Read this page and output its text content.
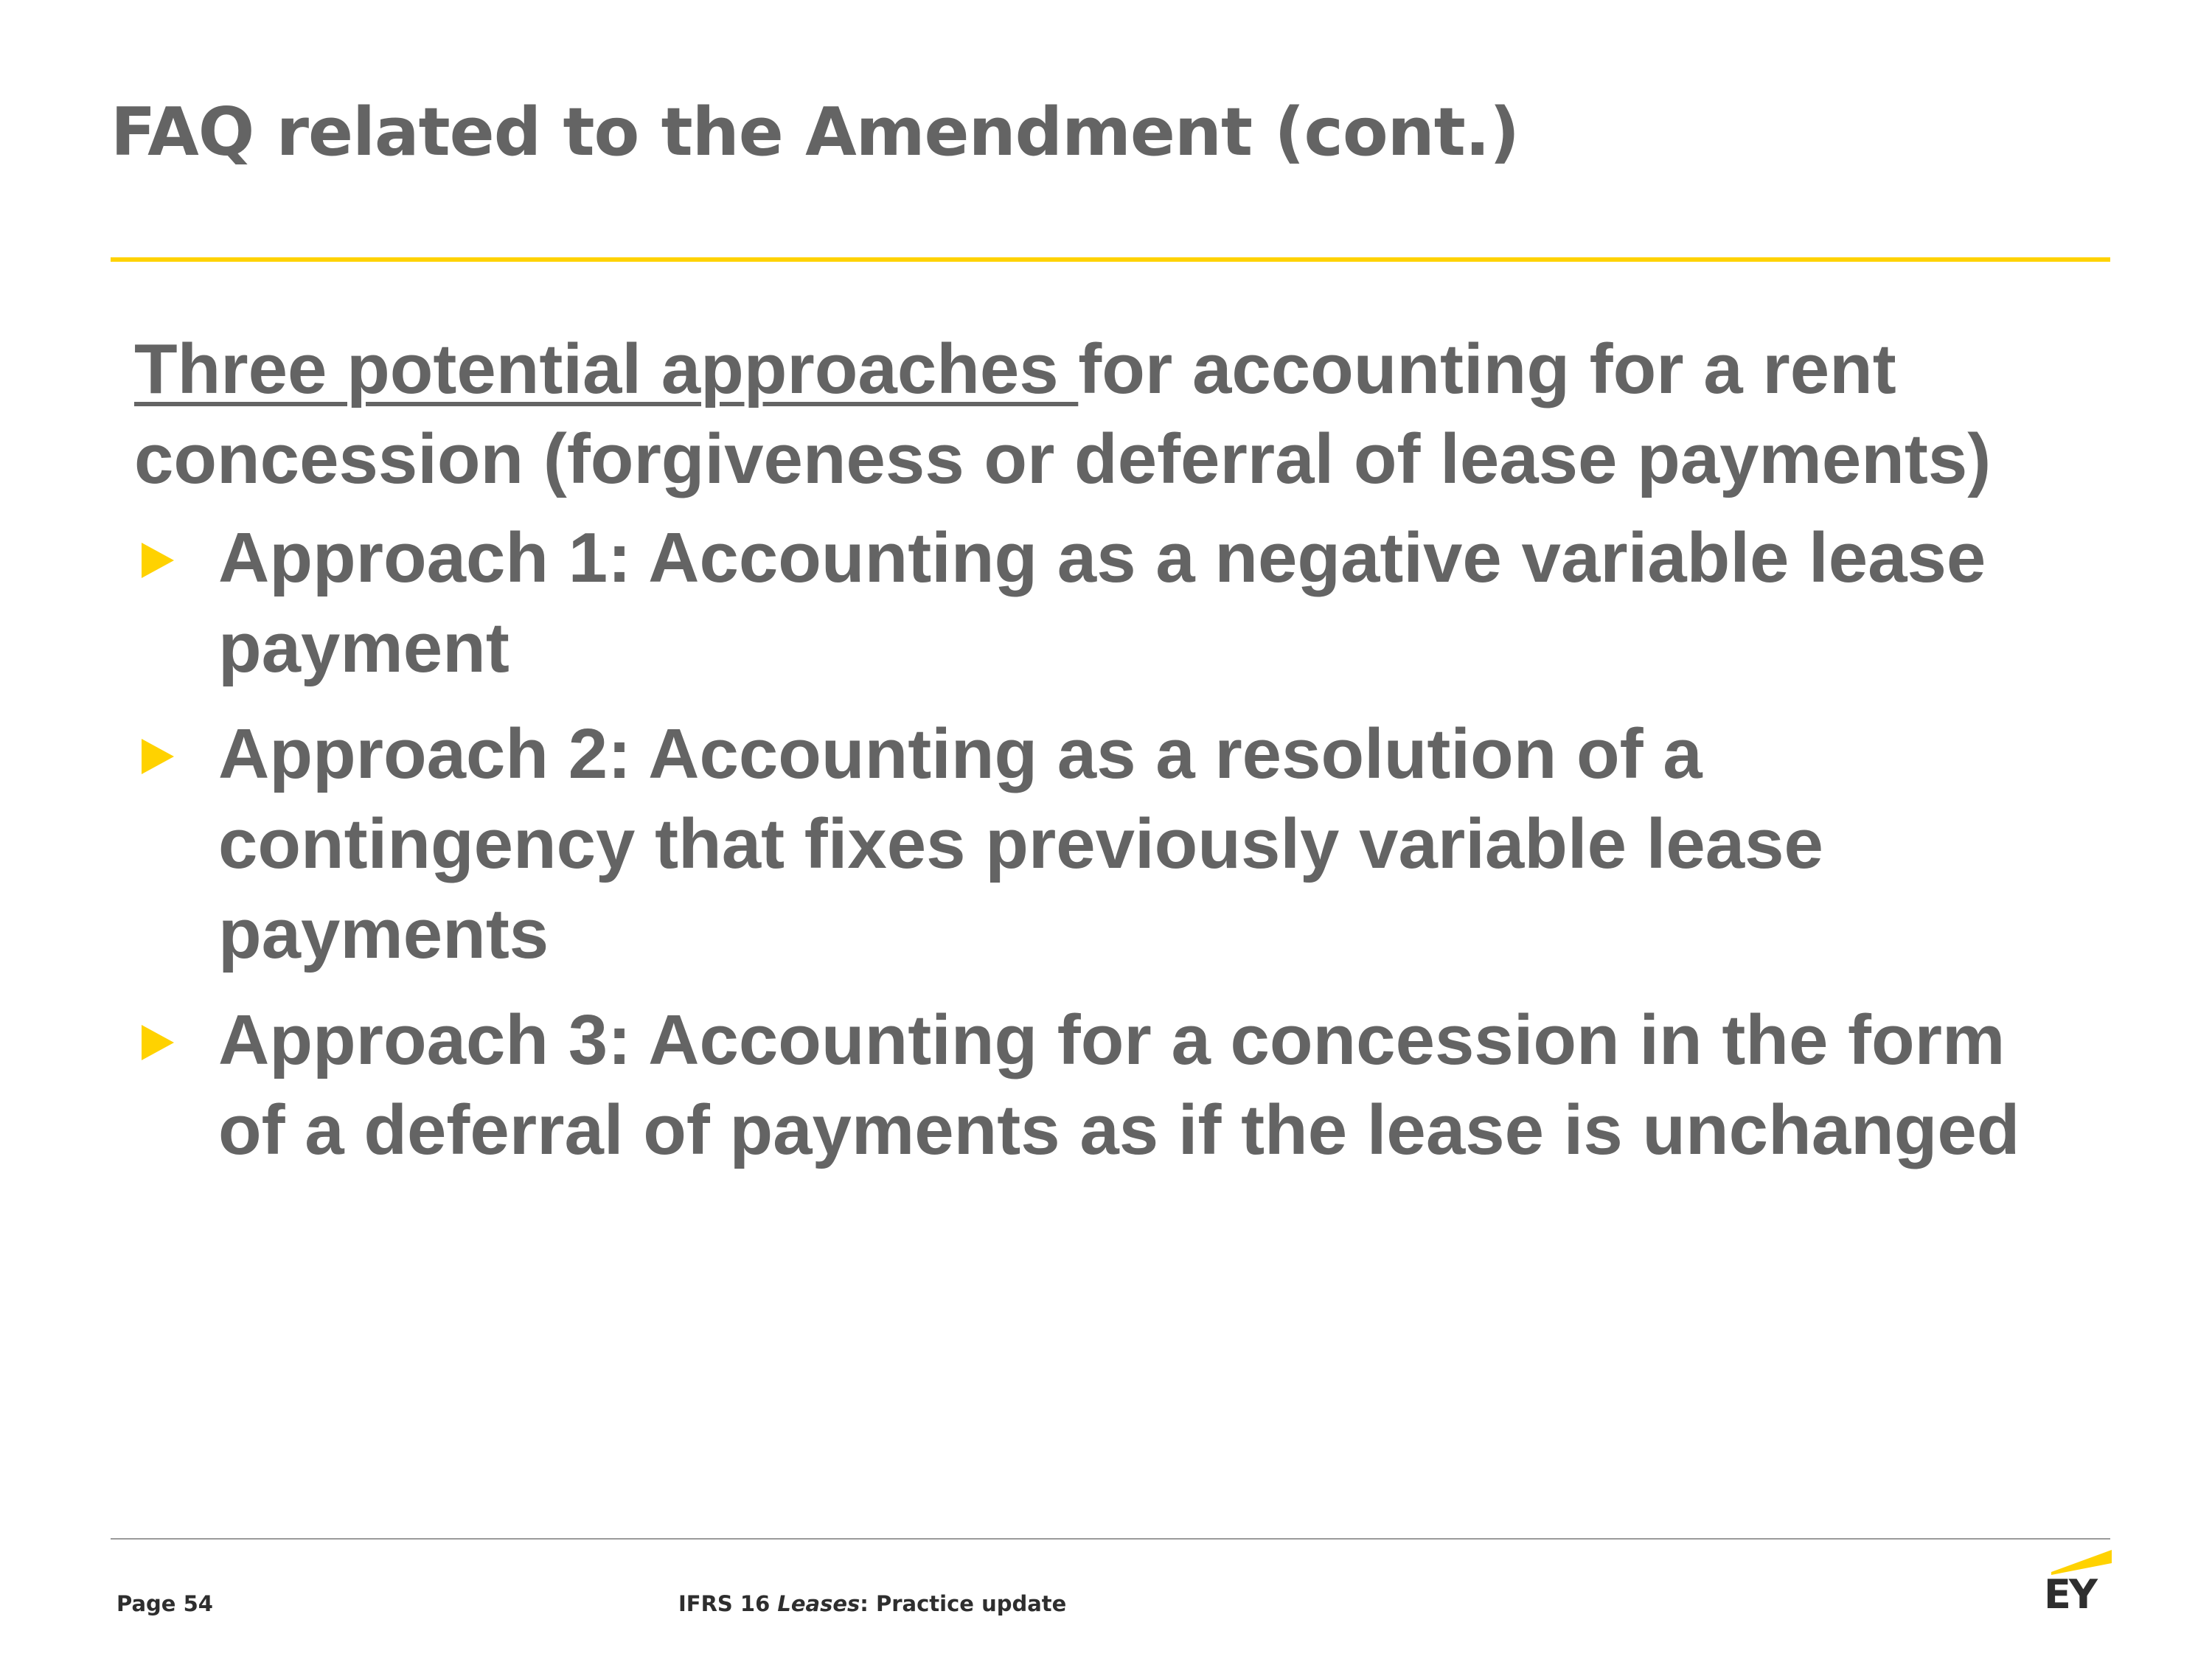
FAQ related to the Amendment (cont.)

Three potential approaches for accounting for a rent concession (forgiveness or deferral of lease payments)

Approach 1: Accounting as a negative variable lease payment
Approach 2: Accounting as a resolution of a contingency that fixes previously variable lease payments
Approach 3: Accounting for a concession in the form of a deferral of payments as if the lease is unchanged
Page 54	IFRS 16 Leases: Practice update	EY
